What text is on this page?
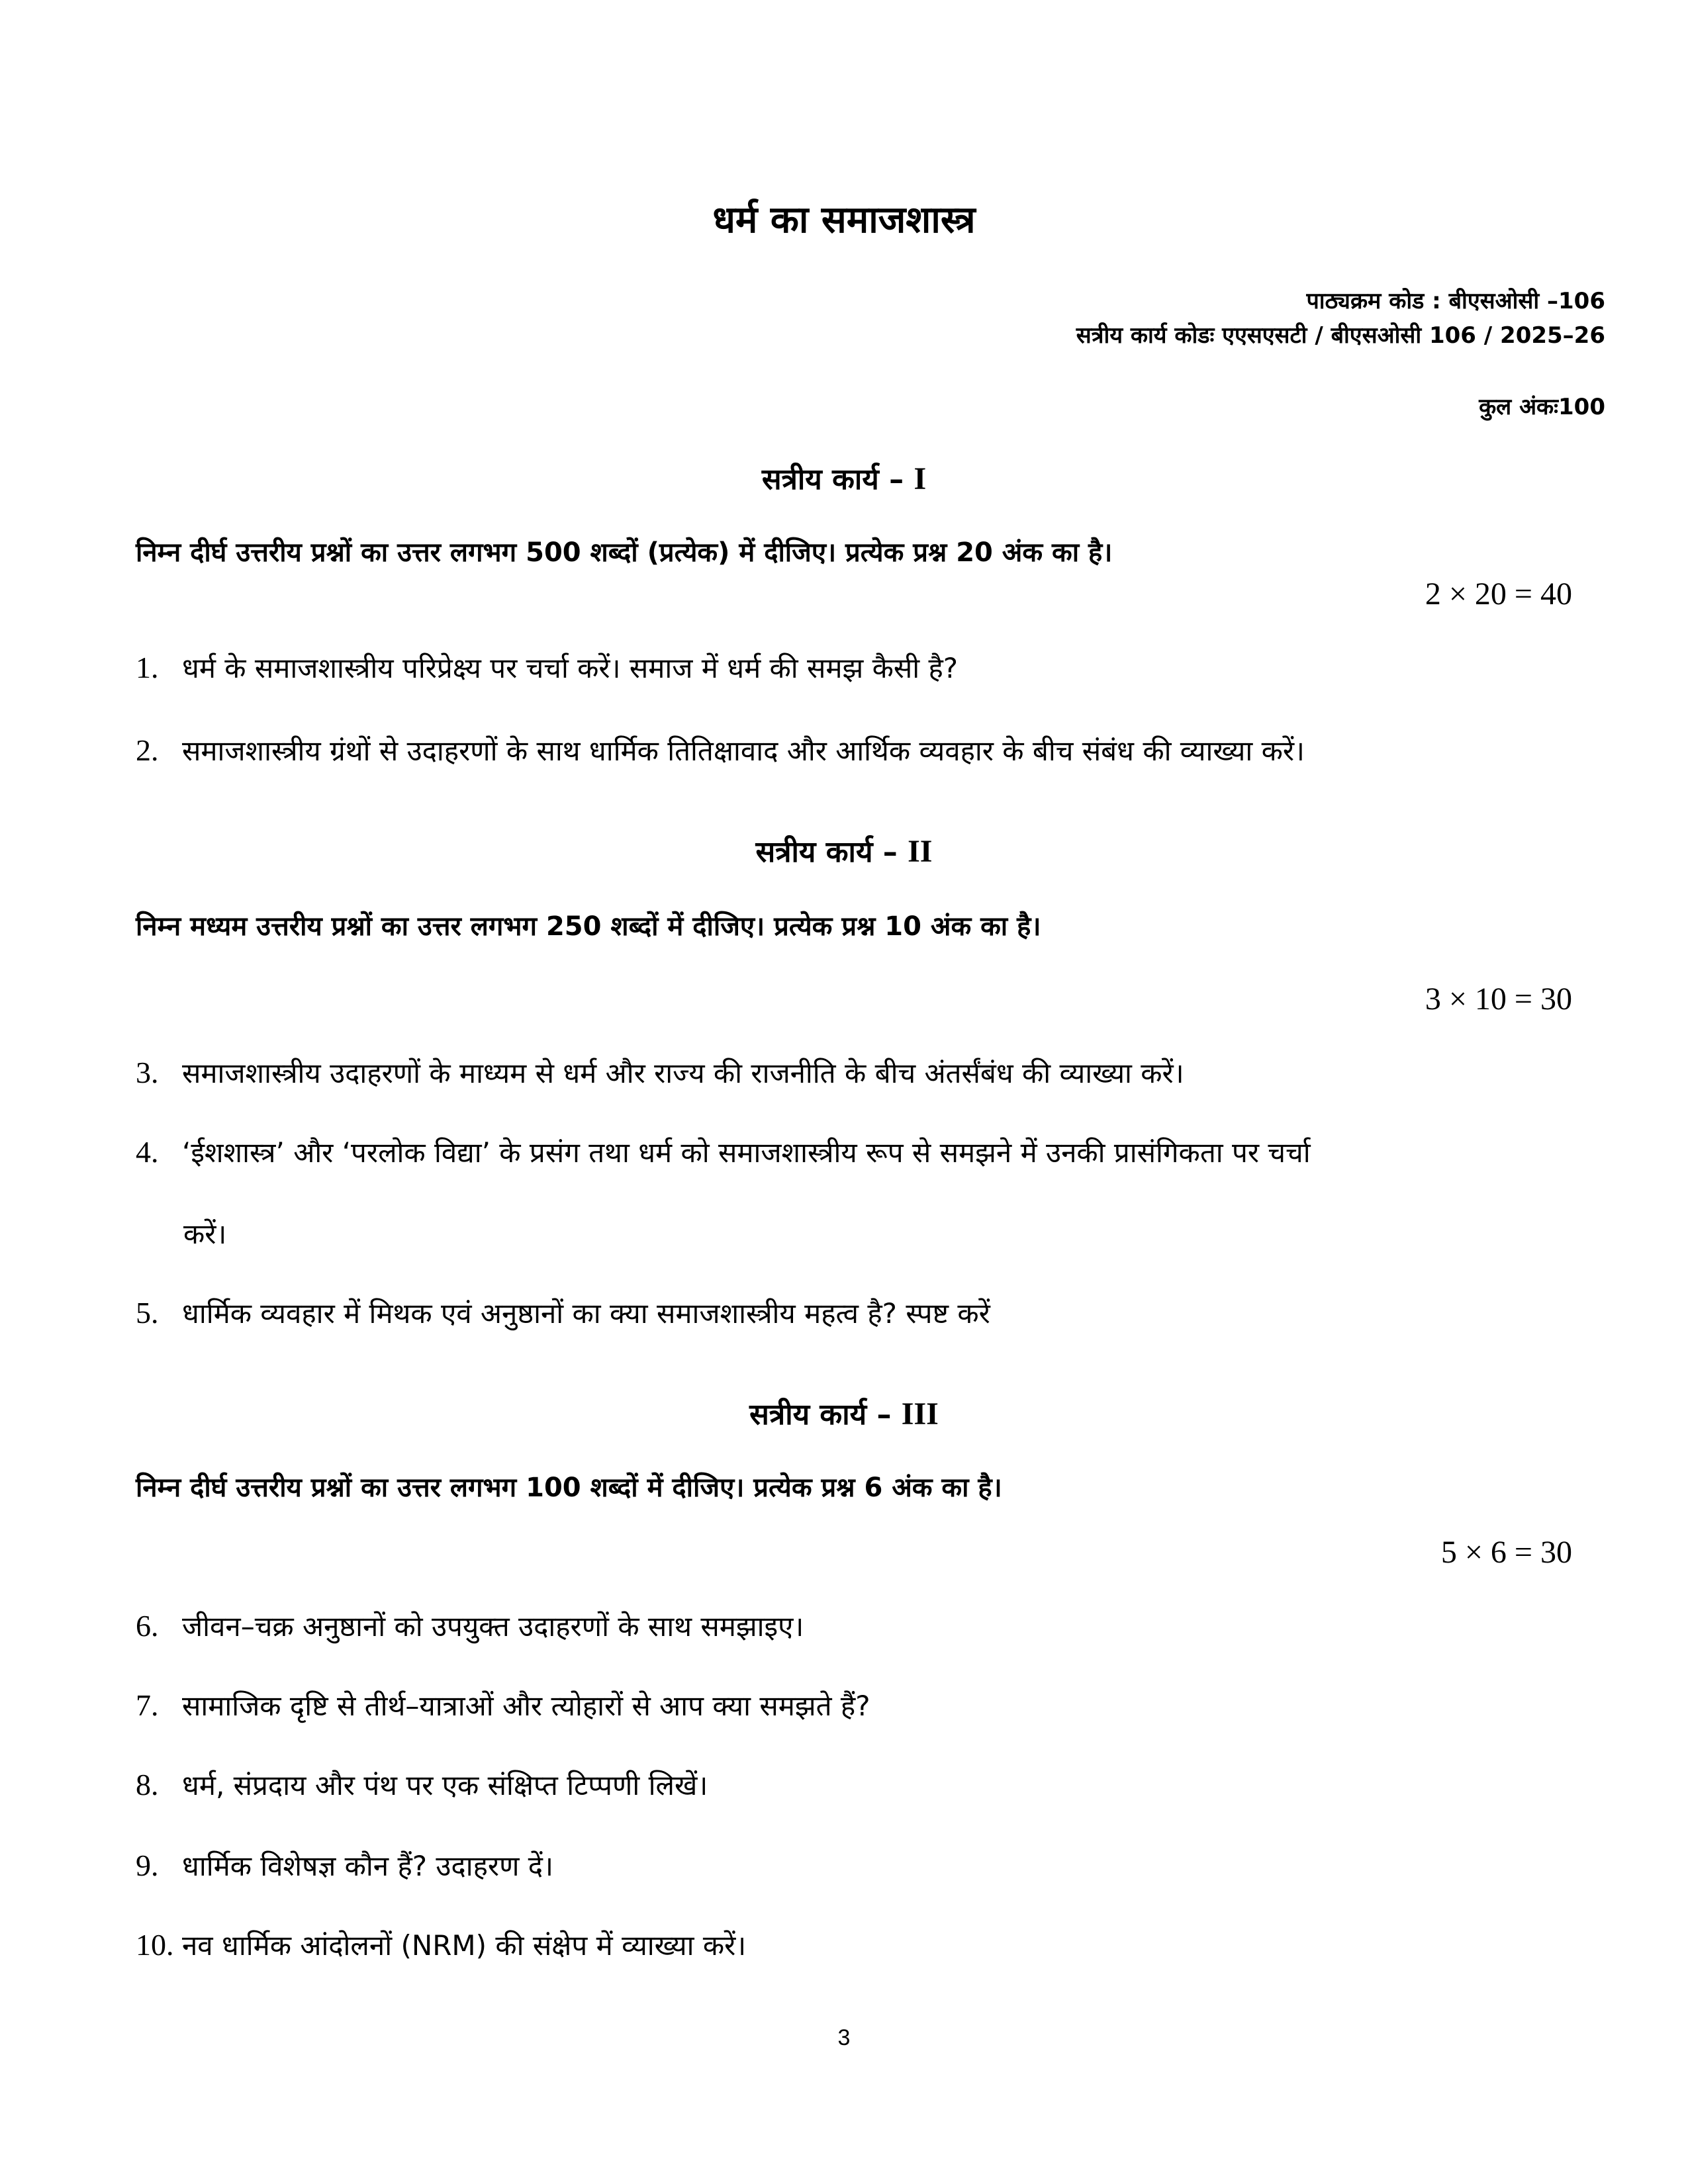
धर्म का समाजशास्त्र
पाठ्यक्रम कोड : बीएसओसी –106
सत्रीय कार्य कोडः एएसएसटी / बीएसओसी 106 / 2025–26
कुल अंकः100
सत्रीय कार्य – I
निम्न दीर्घ उत्तरीय प्रश्नों का उत्तर लगभग 500 शब्दों (प्रत्येक) में दीजिए। प्रत्येक प्रश्न 20 अंक का है।
2 × 20 = 40
1. धर्म के समाजशास्त्रीय परिप्रेक्ष्य पर चर्चा करें। समाज में धर्म की समझ कैसी है?
2. समाजशास्त्रीय ग्रंथों से उदाहरणों के साथ धार्मिक तितिक्षावाद और आर्थिक व्यवहार के बीच संबंध की व्याख्या करें।
सत्रीय कार्य – II
निम्न मध्यम उत्तरीय प्रश्नों का उत्तर लगभग 250 शब्दों में दीजिए। प्रत्येक प्रश्न 10 अंक का है।
3 × 10 = 30
3. समाजशास्त्रीय उदाहरणों के माध्यम से धर्म और राज्य की राजनीति के बीच अंतर्संबंध की व्याख्या करें।
4. ‘ईशशास्त्र’ और ‘परलोक विद्या’ के प्रसंग तथा धर्म को समाजशास्त्रीय रूप से समझने में उनकी प्रासंगिकता पर चर्चा
करें।
5. धार्मिक व्यवहार में मिथक एवं अनुष्ठानों का क्या समाजशास्त्रीय महत्व है? स्पष्ट करें
सत्रीय कार्य – III
निम्न दीर्घ उत्तरीय प्रश्नों का उत्तर लगभग 100 शब्दों में दीजिए। प्रत्येक प्रश्न 6 अंक का है।
5 × 6 = 30
6. जीवन–चक्र अनुष्ठानों को उपयुक्त उदाहरणों के साथ समझाइए।
7. सामाजिक दृष्टि से तीर्थ–यात्राओं और त्योहारों से आप क्या समझते हैं?
8. धर्म, संप्रदाय और पंथ पर एक संक्षिप्त टिप्पणी लिखें।
9. धार्मिक विशेषज्ञ कौन हैं? उदाहरण दें।
10. नव धार्मिक आंदोलनों (NRM) की संक्षेप में व्याख्या करें।
3
